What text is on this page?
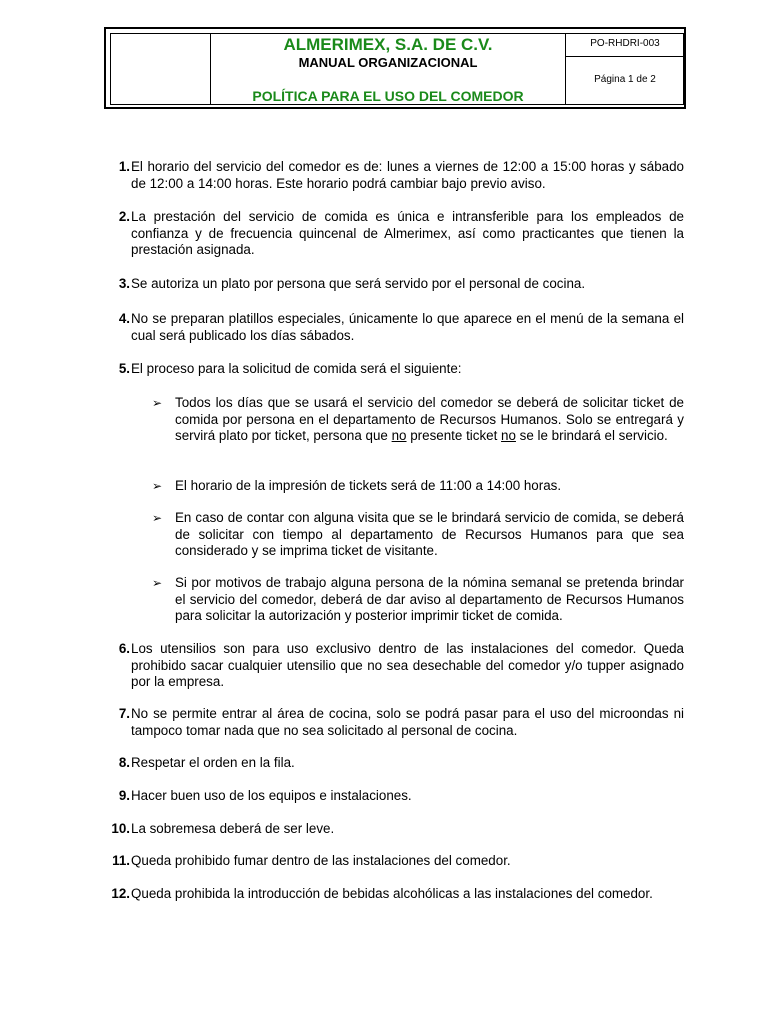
ALMERIMEX, S.A. DE C.V.
MANUAL ORGANIZACIONAL
POLÍTICA PARA EL USO DEL COMEDOR
PO-RHDRI-003
Página 1 de 2
1. El horario del servicio del comedor es de: lunes a viernes de 12:00 a 15:00 horas y sábado de 12:00 a 14:00 horas. Este horario podrá cambiar bajo previo aviso.
2. La prestación del servicio de comida es única e intransferible para los empleados de confianza y de frecuencia quincenal de Almerimex, así como practicantes que tienen la prestación asignada.
3. Se autoriza un plato por persona que será servido por el personal de cocina.
4. No se preparan platillos especiales, únicamente lo que aparece en el menú de la semana el cual será publicado los días sábados.
5. El proceso para la solicitud de comida será el siguiente:
➢ Todos los días que se usará el servicio del comedor se deberá de solicitar ticket de comida por persona en el departamento de Recursos Humanos. Solo se entregará y servirá plato por ticket, persona que no presente ticket no se le brindará el servicio.
➢ El horario de la impresión de tickets será de 11:00 a 14:00 horas.
➢ En caso de contar con alguna visita que se le brindará servicio de comida, se deberá de solicitar con tiempo al departamento de Recursos Humanos para que sea considerado y se imprima ticket de visitante.
➢ Si por motivos de trabajo alguna persona de la nómina semanal se pretenda brindar el servicio del comedor, deberá de dar aviso al departamento de Recursos Humanos para solicitar la autorización y posterior imprimir ticket de comida.
6. Los utensilios son para uso exclusivo dentro de las instalaciones del comedor. Queda prohibido sacar cualquier utensilio que no sea desechable del comedor y/o tupper asignado por la empresa.
7. No se permite entrar al área de cocina, solo se podrá pasar para el uso del microondas ni tampoco tomar nada que no sea solicitado al personal de cocina.
8. Respetar el orden en la fila.
9. Hacer buen uso de los equipos e instalaciones.
10. La sobremesa deberá de ser leve.
11. Queda prohibido fumar dentro de las instalaciones del comedor.
12. Queda prohibida la introducción de bebidas alcohólicas a las instalaciones del comedor.
